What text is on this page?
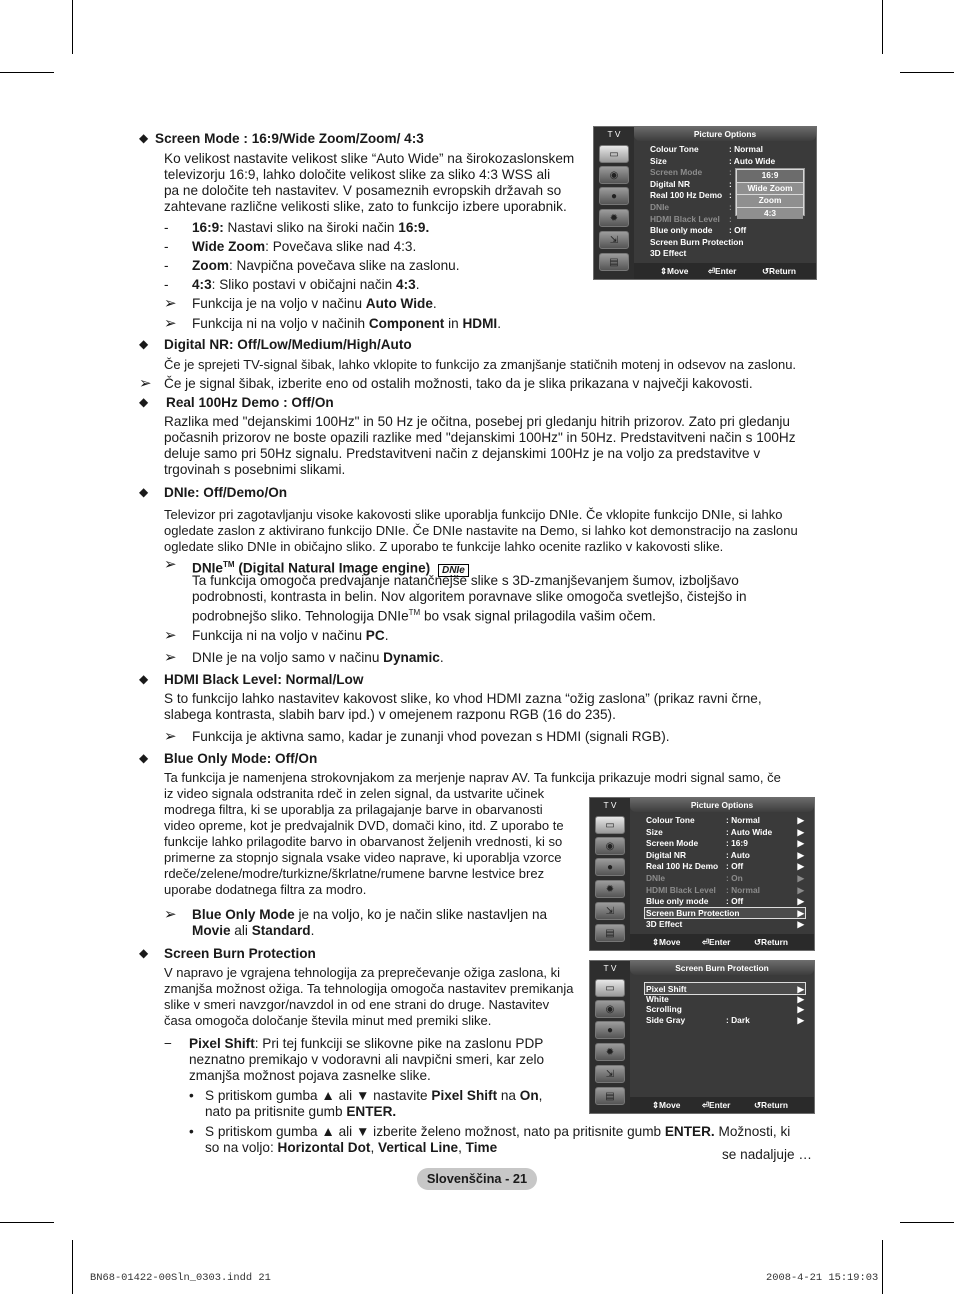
◆ Screen Mode : 16:9/Wide Zoom/Zoom/ 4:3
Ko velikost nastavite velikost slike “Auto Wide” na širokozaslonskem
televizorju 16:9, lahko določite velikost slike za sliko 4:3 WSS ali
pa ne določite teh nastavitev. V posameznih evropskih državah so
zahtevane različne velikosti slike, zato to funkcijo izbere uporabnik.
- 16:9: Nastavi sliko na široki način 16:9.
- Wide Zoom: Povečava slike nad 4:3.
- Zoom: Navpična povečava slike na zaslonu.
- 4:3: Sliko postavi v običajni način 4:3.
➢ Funkcija je na voljo v načinu Auto Wide.
➢ Funkcija ni na voljo v načinih Component in HDMI.
◆ Digital NR: Off/Low/Medium/High/Auto
Če je sprejeti TV-signal šibak, lahko vklopite to funkcijo za zmanjšanje statičnih motenj in odsevov na zaslonu.
➢ Če je signal šibak, izberite eno od ostalih možnosti, tako da je slika prikazana v največji kakovosti.
◆ Real 100Hz Demo : Off/On
Razlika med "dejanskimi 100Hz" in 50 Hz je očitna, posebej pri gledanju hitrih prizorov. Zato pri gledanju
počasnih prizorov ne boste opazili razlike med "dejanskimi 100Hz" in 50Hz. Predstavitveni način s 100Hz
deluje samo pri 50Hz signalu. Predstavitveni način z dejanskimi 100Hz je na voljo za predstavitve v
trgovinah s posebnimi slikami.
◆ DNIe: Off/Demo/On
Televizor pri zagotavljanju visoke kakovosti slike uporablja funkcijo DNIe. Če vklopite funkcijo DNIe, si lahko
ogledate zaslon z aktivirano funkcijo DNIe. Če DNIe nastavite na Demo, si lahko kot demonstracijo na zaslonu
ogledate sliko DNIe in običajno sliko. Z uporabo te funkcije lahko ocenite razliko v kakovosti slike.
➢ DNIe™ (Digital Natural Image engine) DNIe
Ta funkcija omogoča predvajanje natančnejše slike s 3D-zmanjševanjem šumov, izboljšavo
podrobnosti, kontrasta in belin. Nov algoritem poravnave slike omogoča svetlejšo, čistejšo in
podrobnejšo sliko. Tehnologija DNIe™ bo vsak signal prilagodila vašim očem.
➢ Funkcija ni na voljo v načinu PC.
➢ DNIe je na voljo samo v načinu Dynamic.
◆ HDMI Black Level: Normal/Low
S to funkcijo lahko nastavitev kakovost slike, ko vhod HDMI zazna “ožig zaslona” (prikaz ravni črne,
slabega kontrasta, slabih barv ipd.) v omejenem razponu RGB (16 do 235).
➢ Funkcija je aktivna samo, kadar je zunanji vhod povezan s HDMI (signali RGB).
◆ Blue Only Mode: Off/On
Ta funkcija je namenjena strokovnjakom za merjenje naprav AV. Ta funkcija prikazuje modri signal samo, če
iz video signala odstranita rdeč in zelen signal, da ustvarite učinek
modrega filtra, ki se uporablja za prilagajanje barve in obarvanosti
video opreme, kot je predvajalnik DVD, domači kino, itd. Z uporabo te
funkcije lahko prilagodite barvo in obarvanost željenih vrednosti, ki so
primerne za stopnjo signala vsake video naprave, ki uporablja vzorce
rdeče/zelene/modre/turkizne/škrlatne/rumene barvne lestvice brez
uporabe dodatnega filtra za modro.
➢ Blue Only Mode je na voljo, ko je način slike nastavljen na
Movie ali Standard.
◆ Screen Burn Protection
V napravo je vgrajena tehnologija za preprečevanje ožiga zaslona, ki
zmanjša možnost ožiga. Ta tehnologija omogoča nastavitev premikanja
slike v smeri navzgor/navzdol in od ene strani do druge. Nastavitev
časa omogoča določanje števila minut med premiki slike.
− Pixel Shift: Pri tej funkciji se slikovne pike na zaslonu PDP
neznatno premikajo v vodoravni ali navpični smeri, kar zelo
zmanjša možnost pojava zasnelke slike.
• S pritiskom gumba ▲ ali ▼ nastavite Pixel Shift na On,
nato pa pritisnite gumb ENTER.
• S pritiskom gumba ▲ ali ▼ izberite želeno možnost, nato pa pritisnite gumb ENTER. Možnosti, ki
so na voljo: Horizontal Dot, Vertical Line, Time	se nadaljuje …
T V
▭
◉
●
✹
⇲
▤
Picture Options
16:9
Wide Zoom
Zoom
4:3
⇕ Move ⏎ Enter	↺ Return
Colour Tone	: Normal
Size	: Auto Wide
Screen Mode	:
Digital NR	:
Real 100 Hz Demo :
DNIe	:
HDMI Black Level :
Blue only mode : Off
Screen Burn Protection
3D Effect
T V
▭
◉
●
✹
⇲
▤
Picture Options
⇕ Move	⏎ Enter	↺ Return
Colour Tone	: Normal	▶
Size	: Auto Wide	▶
Screen Mode	: 16:9	▶
Digital NR	: Auto	▶
Real 100 Hz Demo : Off	▶
DNIe	: On	▶
HDMI Black Level : Normal	▶
Blue only mode : Off	▶
Screen Burn Protection	▶
3D Effect	▶
T V
▭
◉
●
✹
⇲
▤
Screen Burn Protection
⇕ Move	⏎ Enter	↺ Return
Pixel Shift	▶
White	▶
Scrolling	▶
Side Gray	: Dark	▶
Slovenščina - 21
BN68-01422-00Sln_0303.indd 21	2008-4-21 15:19:03
